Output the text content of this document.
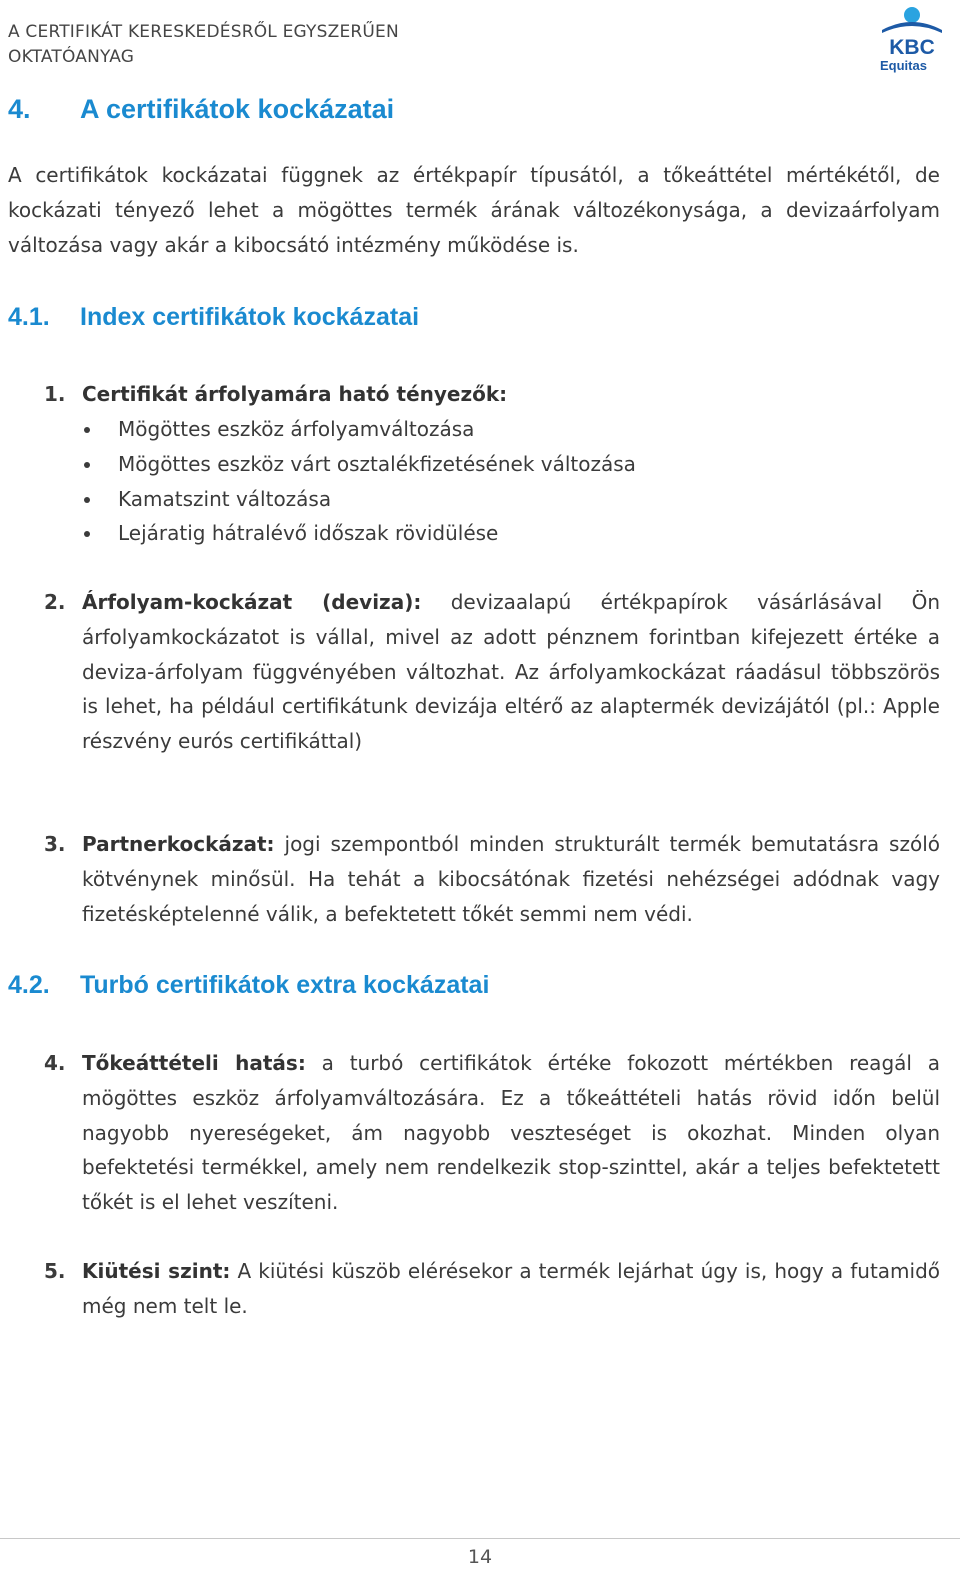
A CERTIFIKÁT KERESKEDÉSRŐL EGYSZERŰEN
OKTATÓANYAG	KBC
Equitas
4. A certifikátok kockázatai
A certifikátok kockázatai függnek az értékpapír típusától, a tőkeáttétel mértékétől, de kockázati tényező lehet a mögöttes termék árának változékonysága, a devizaárfolyam változása vagy akár a kibocsátó intézmény működése is.
4.1. Index certifikátok kockázatai
1. Certifikát árfolyamára ható tényezők:
Mögöttes eszköz árfolyamváltozása
Mögöttes eszköz várt osztalékfizetésének változása
Kamatszint változása
Lejáratig hátralévő időszak rövidülése
2. Árfolyam-kockázat (deviza): devizaalapú értékpapírok vásárlásával Ön árfolyamkockázatot is vállal, mivel az adott pénznem forintban kifejezett értéke a deviza-árfolyam függvényében változhat. Az árfolyamkockázat ráadásul többszörös is lehet, ha például certifikátunk devizája eltérő az alaptermék devizájától (pl.: Apple részvény eurós certifikáttal)
3. Partnerkockázat: jogi szempontból minden strukturált termék bemutatásra szóló kötvénynek minősül. Ha tehát a kibocsátónak fizetési nehézségei adódnak vagy fizetésképtelenné válik, a befektetett tőkét semmi nem védi.
4.2. Turbó certifikátok extra kockázatai
4. Tőkeáttételi hatás: a turbó certifikátok értéke fokozott mértékben reagál a mögöttes eszköz árfolyamváltozására. Ez a tőkeáttételi hatás rövid időn belül nagyobb nyereségeket, ám nagyobb veszteséget is okozhat. Minden olyan befektetési termékkel, amely nem rendelkezik stop-szinttel, akár a teljes befektetett tőkét is el lehet veszíteni.
5. Kiütési szint: A kiütési küszöb elérésekor a termék lejárhat úgy is, hogy a futamidő még nem telt le.
14
